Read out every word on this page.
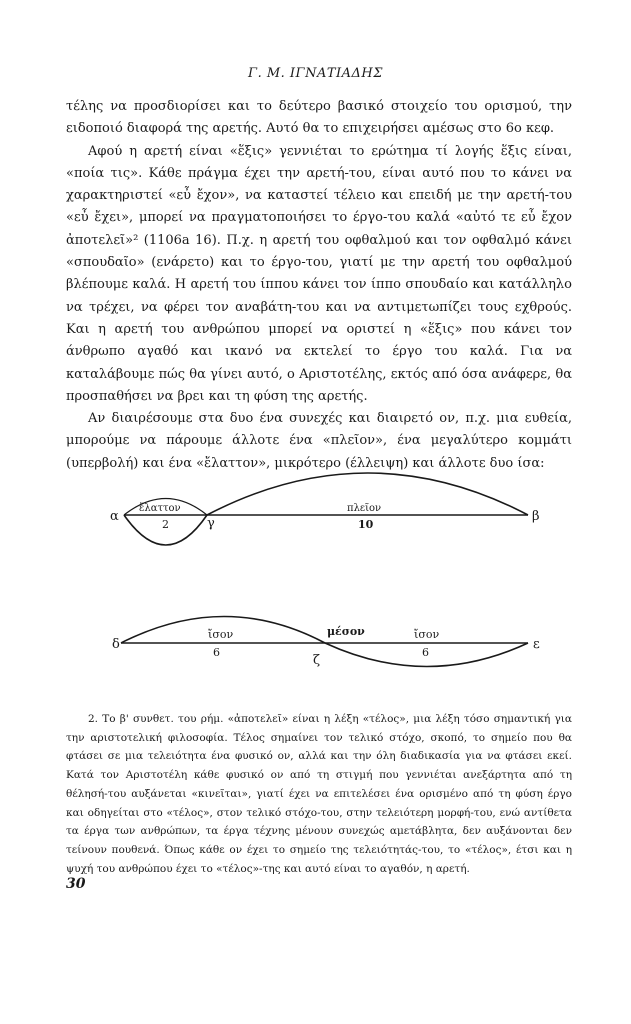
Γ. Μ. ΙΓΝΑΤΙΑΔΗΣ

τέλης να προσδιορίσει και το δεύτερο βασικό στοιχείο του ορισμού, την ειδοποιό διαφορά της αρετής. Αυτό θα το επιχειρήσει αμέσως στο 6ο κεφ.

Αφού η αρετή είναι «ἕξις» γεννιέται το ερώτημα τί λογής ἕξις είναι, «ποία τις». Κάθε πράγμα έχει την αρετή-του, είναι αυτό που το κάνει να χαρακτηριστεί «εὖ ἔχον», να καταστεί τέλειο και επειδή με την αρετή-του «εὖ ἔχει», μπορεί να πραγματοποιήσει το έργο-του καλά «αὐτό τε εὖ ἔχον ἀποτελεῖ»² (1106a 16). Π.χ. η αρετή του οφθαλμού και τον οφθαλμό κάνει «σπουδαῖο» (ενάρετο) και το έργο-του, γιατί με την αρετή του οφθαλμού βλέπουμε καλά. Η αρετή του ίππου κάνει τον ίππο σπουδαίο και κατάλληλο να τρέχει, να φέρει τον αναβάτη-του και να αντιμετωπίζει τους εχθρούς. Και η αρετή του ανθρώπου μπορεί να οριστεί η «ἕξις» που κάνει τον άνθρωπο αγαθό και ικανό να εκτελεί το έργο του καλά. Για να καταλάβουμε πώς θα γίνει αυτό, ο Αριστοτέλης, εκτός από όσα ανάφερε, θα προσπαθήσει να βρει και τη φύση της αρετής.

Αν διαιρέσουμε στα δυο ένα συνεχές και διαιρετό ον, π.χ. μια ευθεία, μπορούμε να πάρουμε άλλοτε ένα «πλεῖον», ένα μεγαλύτερο κομμάτι (υπερβολή) και ένα «ἔλαττον», μικρότερο (έλλειψη) και άλλοτε δυο ίσα:

α	β
γ
ἔλαττον	πλεῖον
2	10
δ	ε
ζ
ἴσον	μέσον	ἴσον
6	6

2. Το β' συνθετ. του ρήμ. «ἀποτελεῖ» είναι η λέξη «τέλος», μια λέξη τόσο σημαντική για την αριστοτελική φιλοσοφία. Τέλος σημαίνει τον τελικό στόχο, σκοπό, το σημείο που θα φτάσει σε μια τελειότητα ένα φυσικό ον, αλλά και την όλη διαδικασία για να φτάσει εκεί. Κατά τον Αριστοτέλη κάθε φυσικό ον από τη στιγμή που γεννιέται ανεξάρτητα από τη θέλησή-του αυξάνεται «κινεῖται», γιατί έχει να επιτελέσει ένα ορισμένο από τη φύση έργο και οδηγείται στο «τέλος», στον τελικό στόχο-του, στην τελειότερη μορφή-του, ενώ αντίθετα τα έργα των ανθρώπων, τα έργα τέχνης μένουν συνεχώς αμετάβλητα, δεν αυξάνονται δεν τείνουν πουθενά. Όπως κάθε ον έχει το σημείο της τελειότητάς-του, το «τέλος», έτσι και η ψυχή του ανθρώπου έχει το «τέλος»-της και αυτό είναι το αγαθόν, η αρετή.

30
